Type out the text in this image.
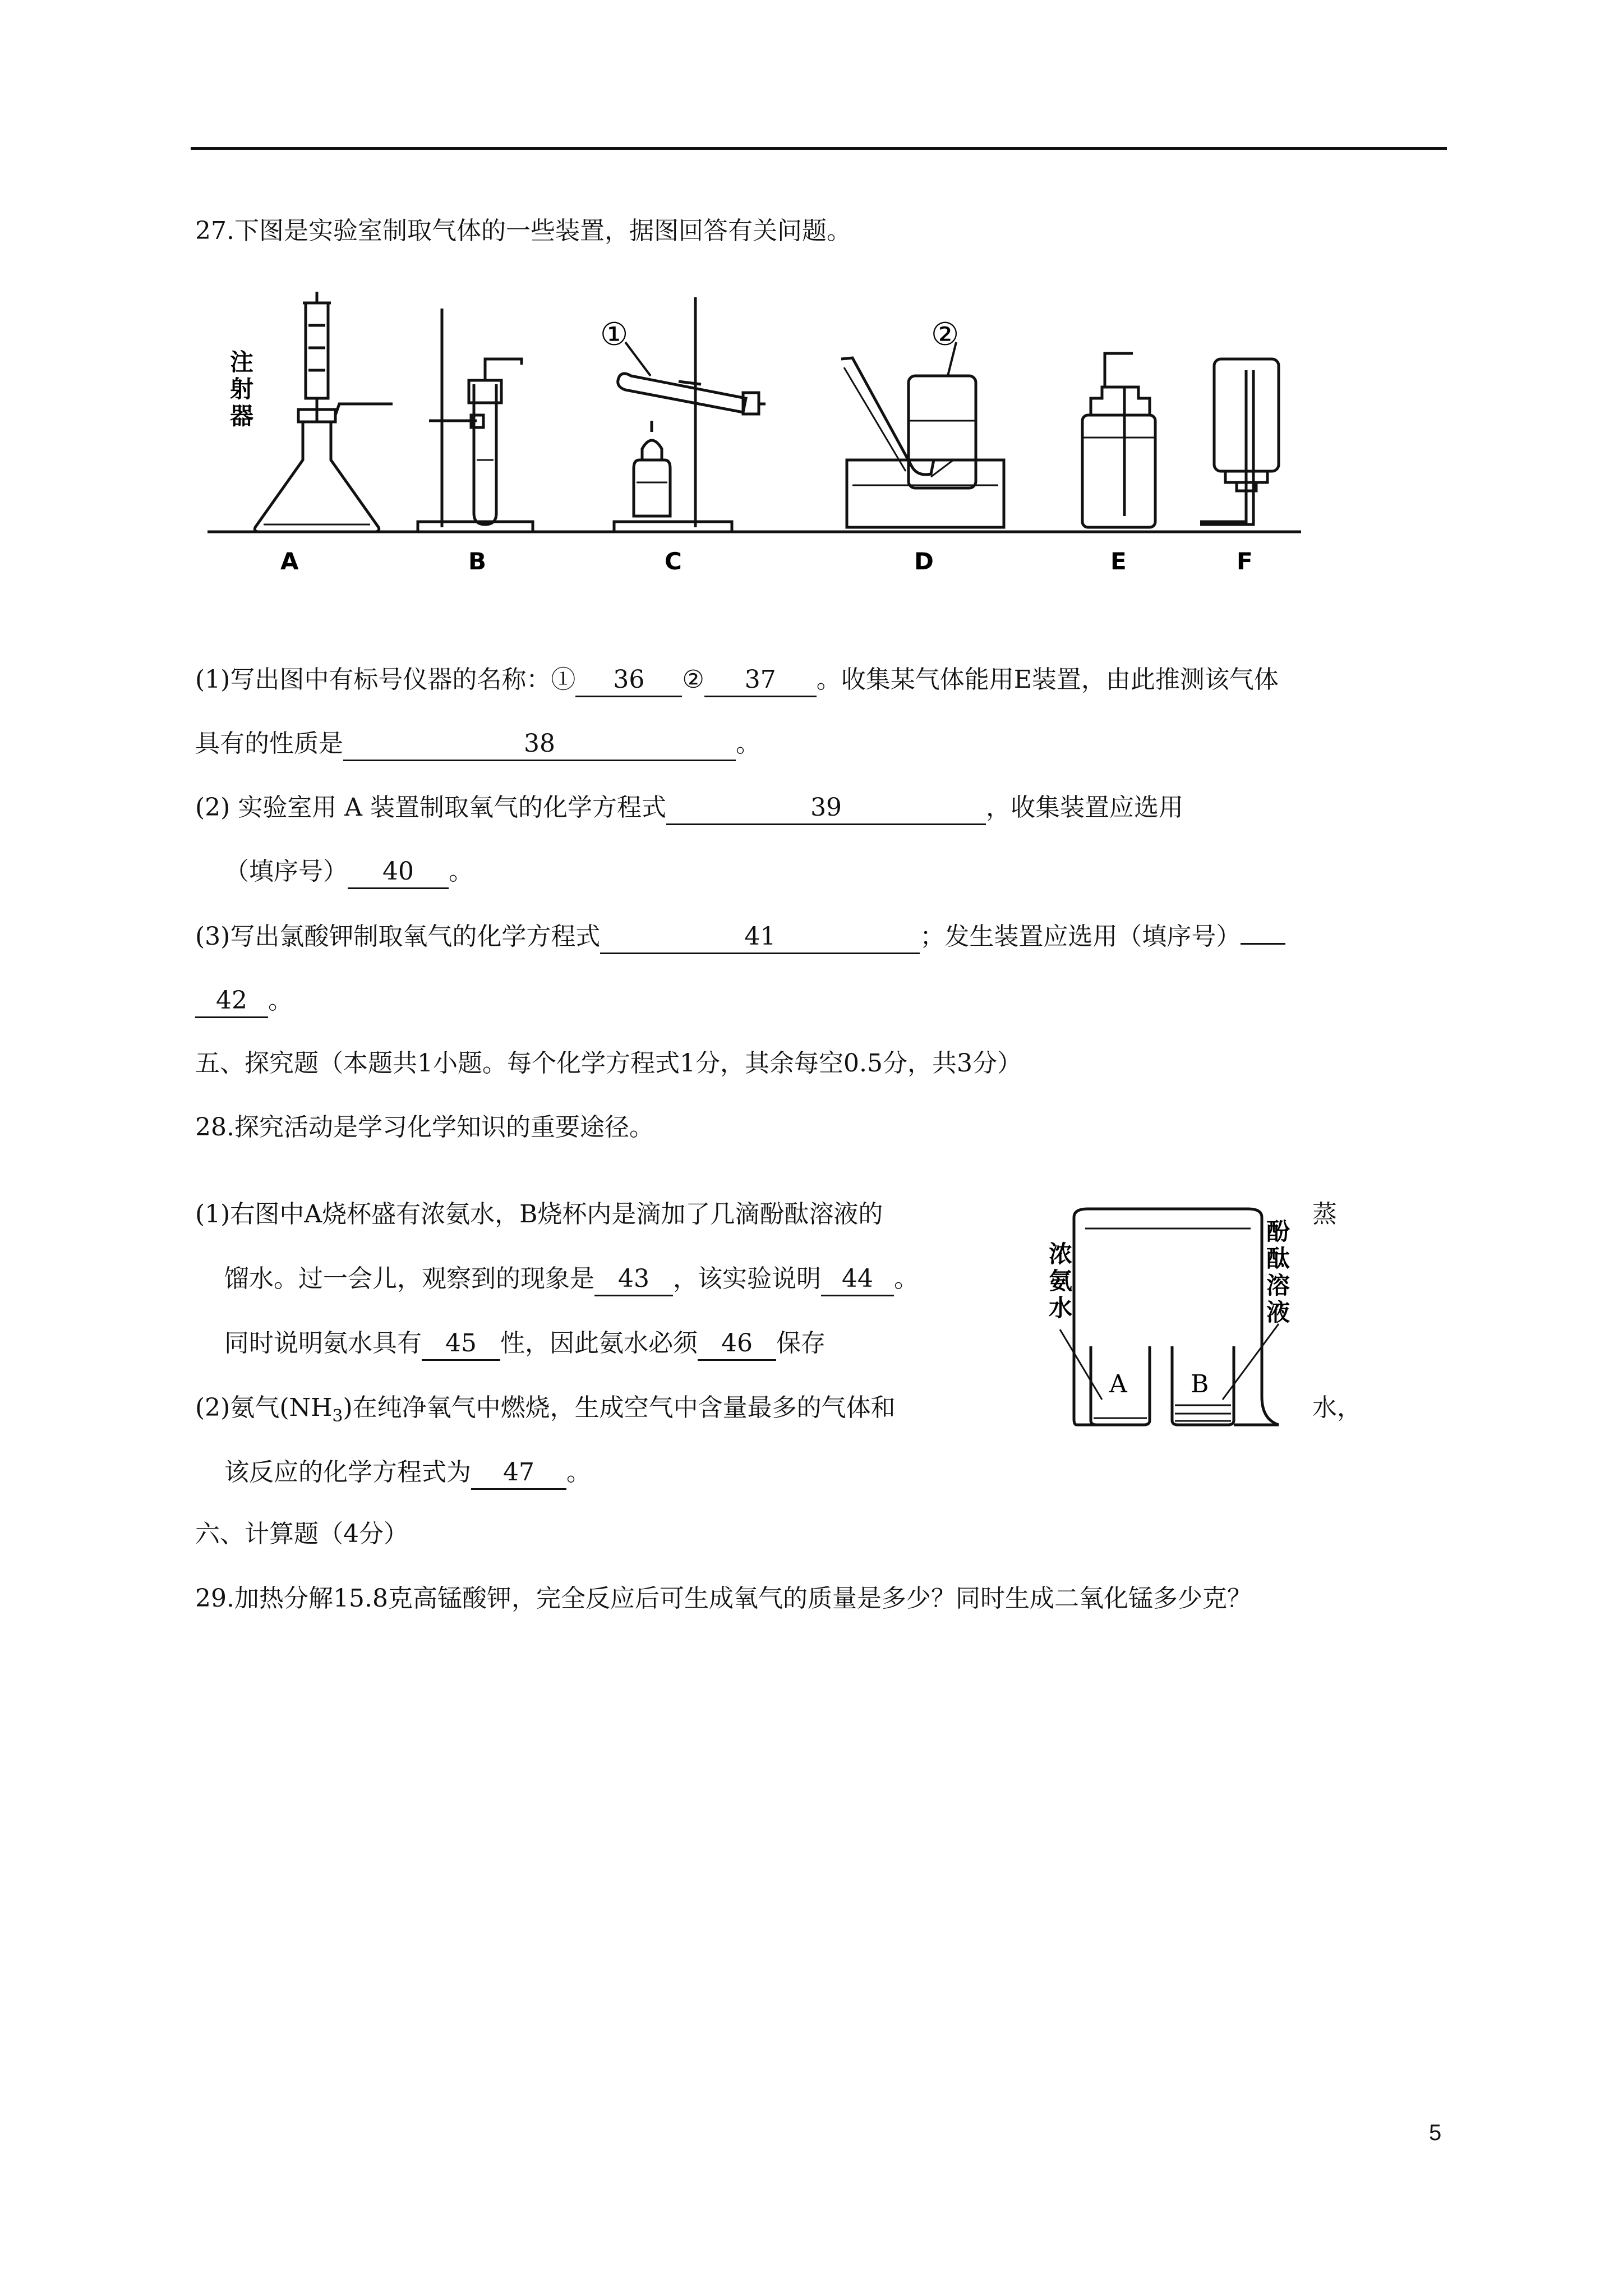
27.下图是实验室制取气体的一些装置，据图回答有关问题。
①	②
注
射
器
A	B	C	D	E	F
(1)写出图中有标号仪器的名称：① 36 ② 37 。收集某气体能用E装置，由此推测该气体
具有的性质是	38	。
(2) 实验室用 A 装置制取氧气的化学方程式	39	，收集装置应选用
（填序号） 40 。
(3)写出氯酸钾制取氧气的化学方程式	41	；发生装置应选用（填序号）
42 。
五、探究题（本题共1小题。每个化学方程式1分，其余每空0.5分，共3分）
28.探究活动是学习化学知识的重要途径。
(1)右图中A烧杯盛有浓氨水，B烧杯内是滴加了几滴酚酞溶液的	蒸
馏水。过一会儿，观察到的现象是 43 ，该实验说明 44 。
同时说明氨水具有 45 性，因此氨水必须 46 保存
(2)氨气$(NH_3)$在纯净氧气中燃烧，生成空气中含量最多的气体和	水，
该反应的化学方程式为 47 。
A	B
浓
氨
水
酚
酞
溶
液
六、计算题（4分）
29.加热分解15.8克高锰酸钾，完全反应后可生成氧气的质量是多少？同时生成二氧化锰多少克？
5
